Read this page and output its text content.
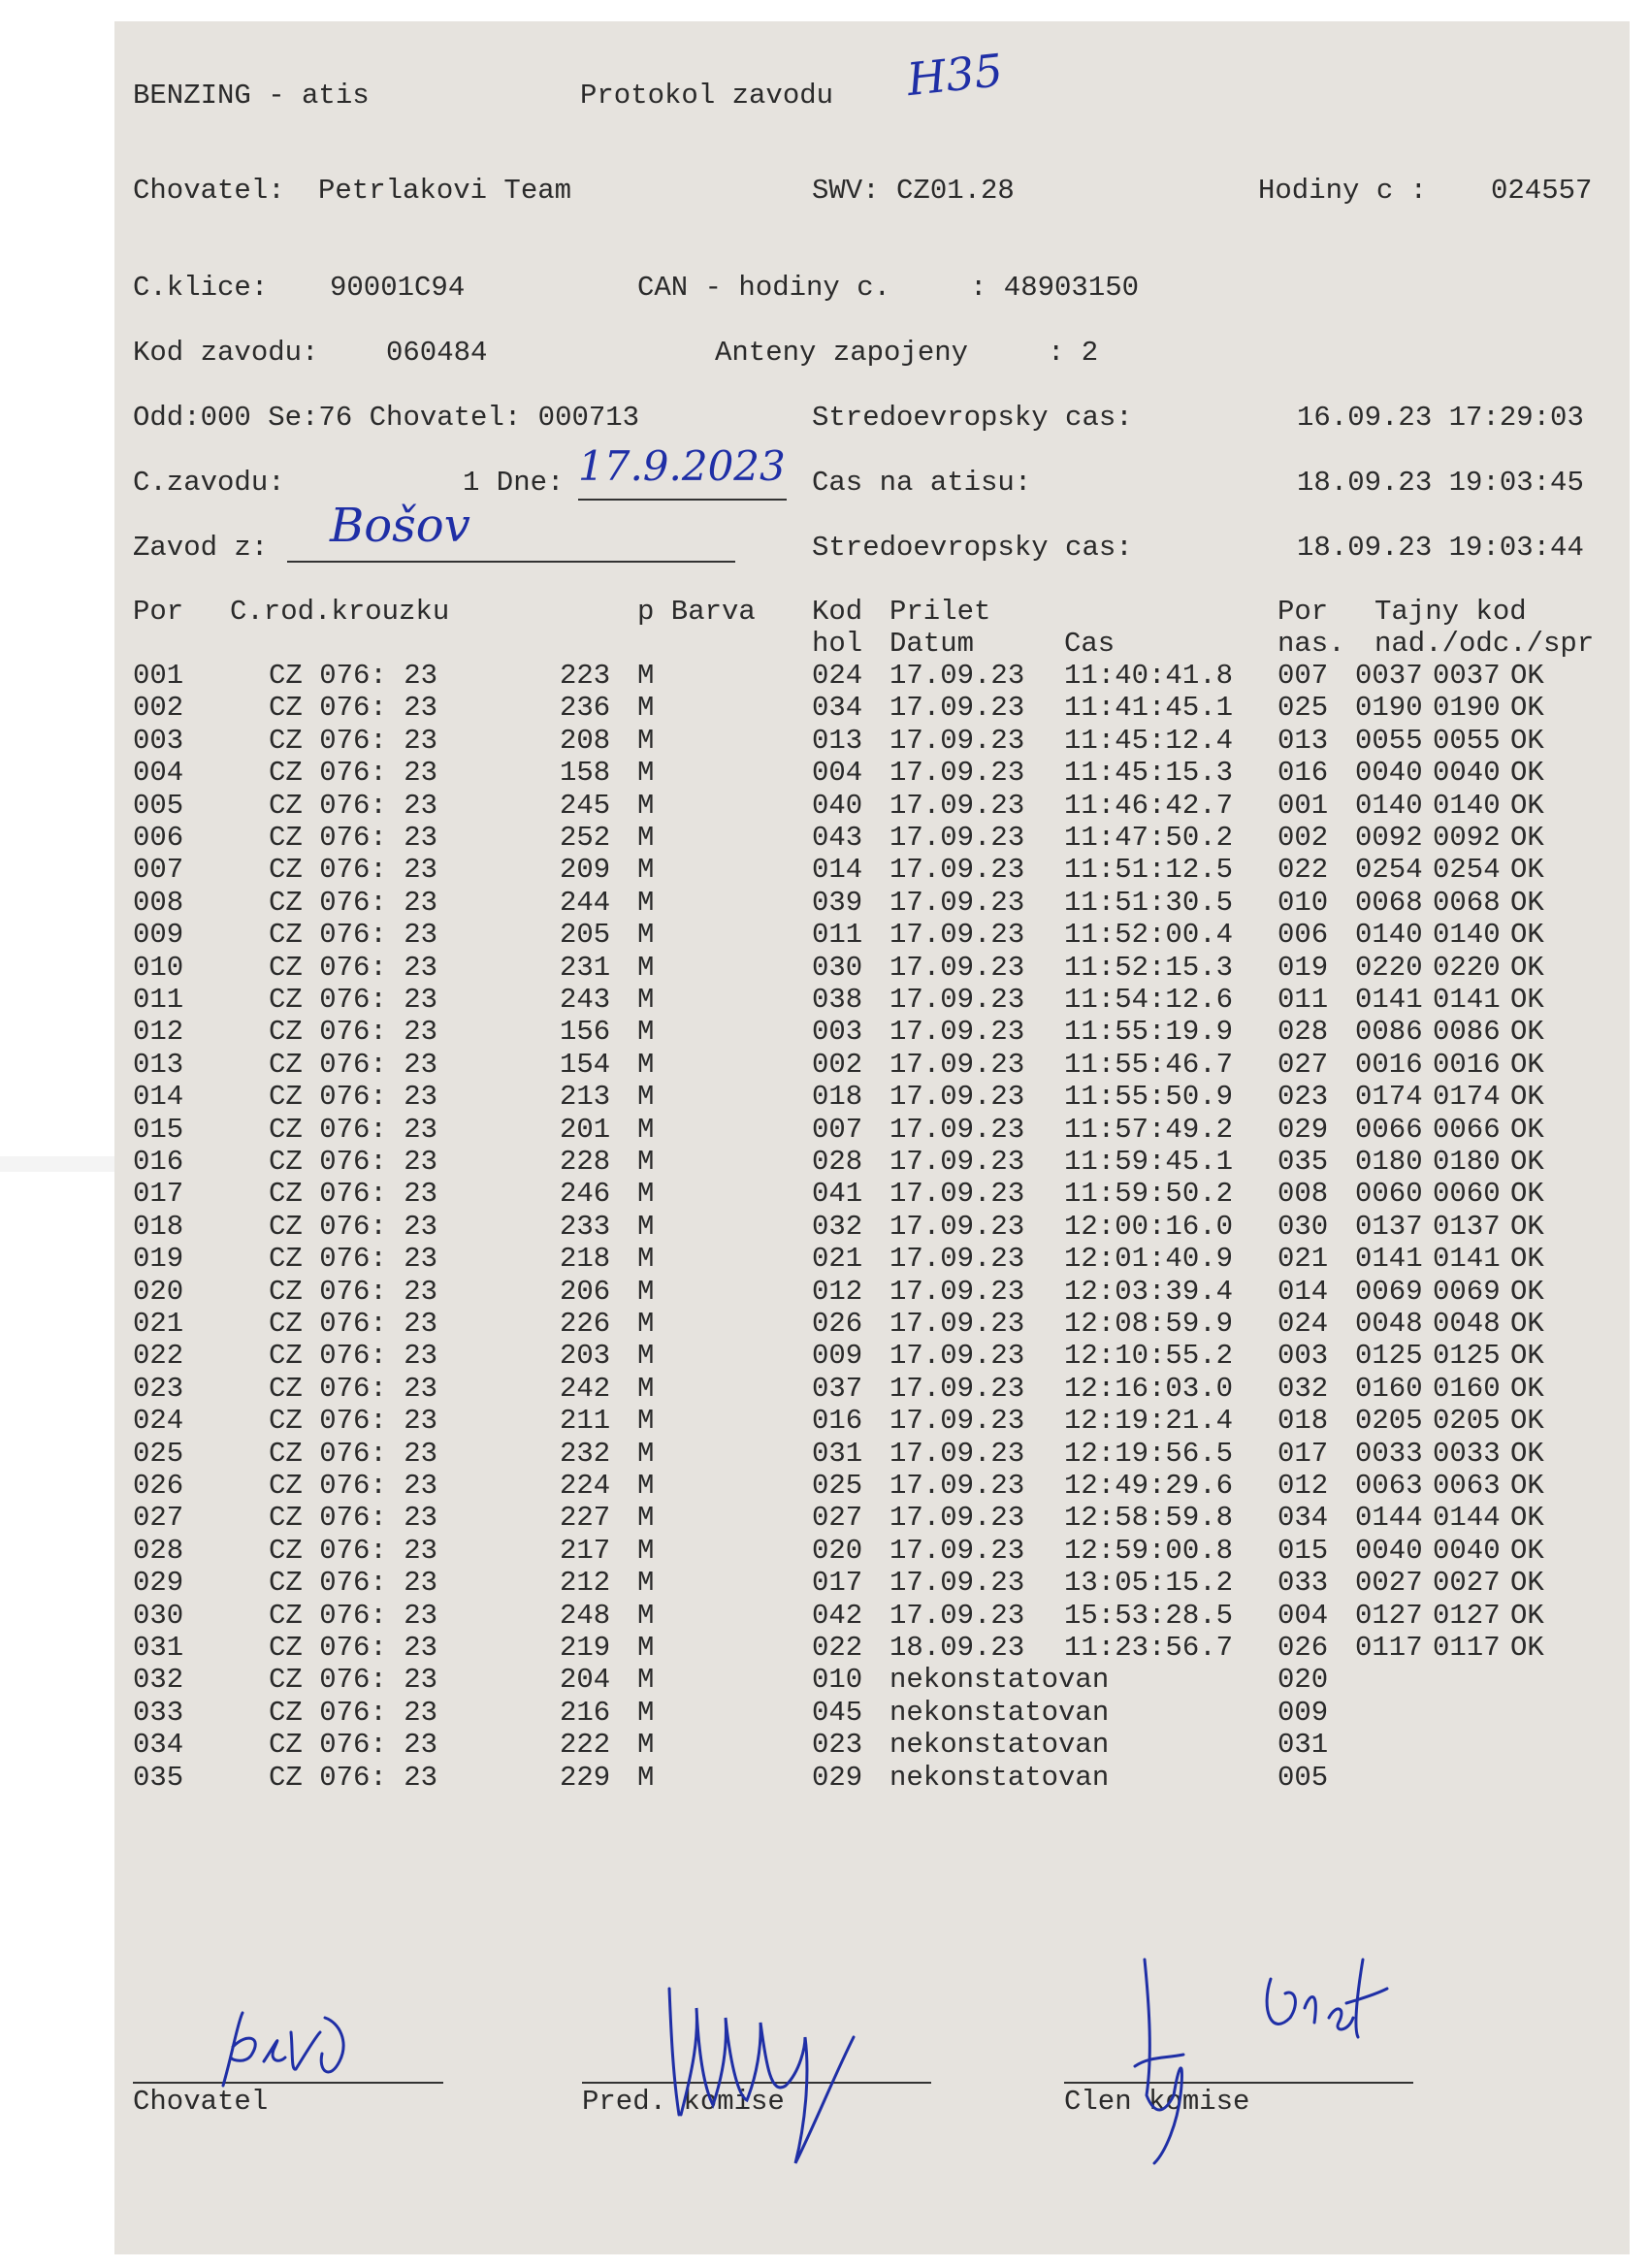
BENZING - atis	Protokol zavodu H35
Chovatel: Petrlakovi Team	SWV: CZ01.28	Hodiny c : 024557
C.klice: 90001C94	CAN - hodiny c.	: 48903150
Kod zavodu: 060484	Anteny zapojeny	: 2
Odd:000 Se:76 Chovatel: 000713	Stredoevropsky cas:	16.09.23 17:29:03
C.zavodu:	1 Dne: 17.9.2023 Cas na atisu:	18.09.23 19:03:45
Zavod z: Bošov	Stredoevropsky cas:	18.09.23 19:03:44
Por C.rod.krouzku	p Barva Kod Prilet	Por Tajny kod
hol Datum	Cas	nas. nad./odc./spr
001	CZ 076: 23	223 M	024 17.09.23 11:40:41.8 007 0037 0037 OK
002	CZ 076: 23	236 M	034 17.09.23 11:41:45.1 025 0190 0190 OK
003	CZ 076: 23	208 M	013 17.09.23 11:45:12.4 013 0055 0055 OK
004	CZ 076: 23	158 M	004 17.09.23 11:45:15.3 016 0040 0040 OK
005	CZ 076: 23	245 M	040 17.09.23 11:46:42.7 001 0140 0140 OK
006	CZ 076: 23	252 M	043 17.09.23 11:47:50.2 002 0092 0092 OK
007	CZ 076: 23	209 M	014 17.09.23 11:51:12.5 022 0254 0254 OK
008	CZ 076: 23	244 M	039 17.09.23 11:51:30.5 010 0068 0068 OK
009	CZ 076: 23	205 M	011 17.09.23 11:52:00.4 006 0140 0140 OK
010	CZ 076: 23	231 M	030 17.09.23 11:52:15.3 019 0220 0220 OK
011	CZ 076: 23	243 M	038 17.09.23 11:54:12.6 011 0141 0141 OK
012	CZ 076: 23	156 M	003 17.09.23 11:55:19.9 028 0086 0086 OK
013	CZ 076: 23	154 M	002 17.09.23 11:55:46.7 027 0016 0016 OK
014	CZ 076: 23	213 M	018 17.09.23 11:55:50.9 023 0174 0174 OK
015	CZ 076: 23	201 M	007 17.09.23 11:57:49.2 029 0066 0066 OK
016	CZ 076: 23	228 M	028 17.09.23 11:59:45.1 035 0180 0180 OK
017	CZ 076: 23	246 M	041 17.09.23 11:59:50.2 008 0060 0060 OK
018	CZ 076: 23	233 M	032 17.09.23 12:00:16.0 030 0137 0137 OK
019	CZ 076: 23	218 M	021 17.09.23 12:01:40.9 021 0141 0141 OK
020	CZ 076: 23	206 M	012 17.09.23 12:03:39.4 014 0069 0069 OK
021	CZ 076: 23	226 M	026 17.09.23 12:08:59.9 024 0048 0048 OK
022	CZ 076: 23	203 M	009 17.09.23 12:10:55.2 003 0125 0125 OK
023	CZ 076: 23	242 M	037 17.09.23 12:16:03.0 032 0160 0160 OK
024	CZ 076: 23	211 M	016 17.09.23 12:19:21.4 018 0205 0205 OK
025	CZ 076: 23	232 M	031 17.09.23 12:19:56.5 017 0033 0033 OK
026	CZ 076: 23	224 M	025 17.09.23 12:49:29.6 012 0063 0063 OK
027	CZ 076: 23	227 M	027 17.09.23 12:58:59.8 034 0144 0144 OK
028	CZ 076: 23	217 M	020 17.09.23 12:59:00.8 015 0040 0040 OK
029	CZ 076: 23	212 M	017 17.09.23 13:05:15.2 033 0027 0027 OK
030	CZ 076: 23	248 M	042 17.09.23 15:53:28.5 004 0127 0127 OK
031	CZ 076: 23	219 M	022 18.09.23 11:23:56.7 026 0117 0117 OK
032	CZ 076: 23	204 M	010 nekonstatovan	020
033	CZ 076: 23	216 M	045 nekonstatovan	009
034	CZ 076: 23	222 M	023 nekonstatovan	031
035	CZ 076: 23	229 M	029 nekonstatovan	005
Chovatel	Pred. komise	Clen komise
